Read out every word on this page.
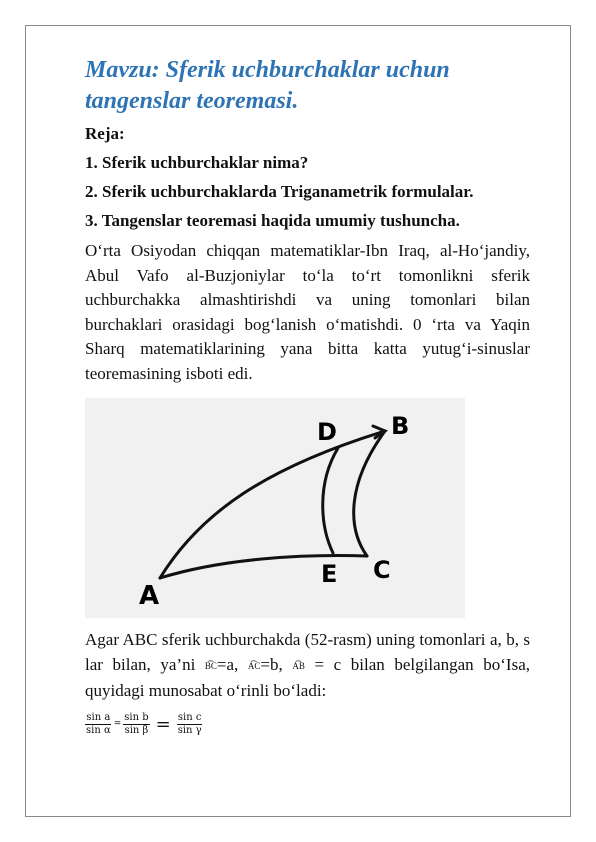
Mavzu: Sferik uchburchaklar uchun tangenslar teoremasi.

Reja:

1. Sferik uchburchaklar nima?

2. Sferik uchburchaklarda Triganametrik formulalar.

3. Tangenslar teoremasi haqida umumiy tushuncha.

O‘rta Osiyodan chiqqan matematiklar-Ibn Iraq, al-Ho‘jandiy, Abul Vafo al-Buzjoniylar to‘la to‘rt tomonlikni sferik uchburchakka almashtirishdi va uning tomonlari bilan burchaklari orasidagi bog‘lanish o‘matishdi. 0 ‘rta va Yaqin Sharq matematiklarining yana bitta katta yutug‘i-sinuslar teoremasining isboti edi.

A
B
C
D
E

Agar ABC sferik uchburchakda (52-rasm) uning tomonlari a, b, s lar bilan, ya’ni B͡C=a, A͡C=b, A͡B = c bilan belgilangan bo‘Isa, quyidagi munosabat o‘rinli bo‘ladi:

$\frac{\text{sin a}}{\text{sin α}} = \frac{\text{sin b}}{\text{sin β}} = \frac{\text{sin c}}{\text{sin γ}}$
